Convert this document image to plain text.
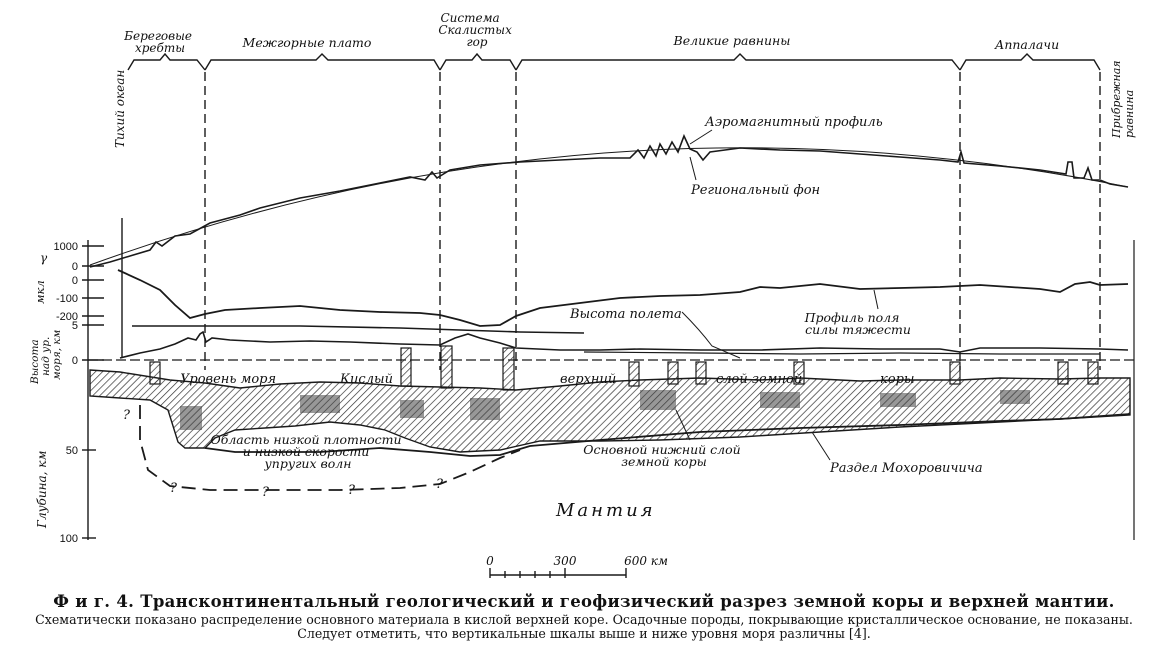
Береговые хребты	Межгорные плато
Система Скалистых гор	Великие равнины	Аппалачи
Тихий океан	Прибрежная равнина
Аэромагнитный профиль
Региональный фон
1000
0
γ
0
-100
-200
мкл
5
0
Высота над ур. моря, км
50
100
Глубина, км
Профиль поля силы тяжести
Высота полета
?
?	?	?	?
Уровень моря	Кислый	верхний	слой земной	коры
Область низкой плотности и низкой скорости упругих волн
Основной нижний слой земной коры	Раздел Мохоровичича
Мантия
0	300	600 км
Ф и г. 4. Трансконтинентальный геологический и геофизический разрез земной коры и верхней мантии.
Схематически показано распределение основного материала в кислой верхней коре. Осадочные породы, покрывающие кристаллическое основание, не показаны. Следует отметить, что вертикальные шкалы выше и ниже уровня моря различны [4].
